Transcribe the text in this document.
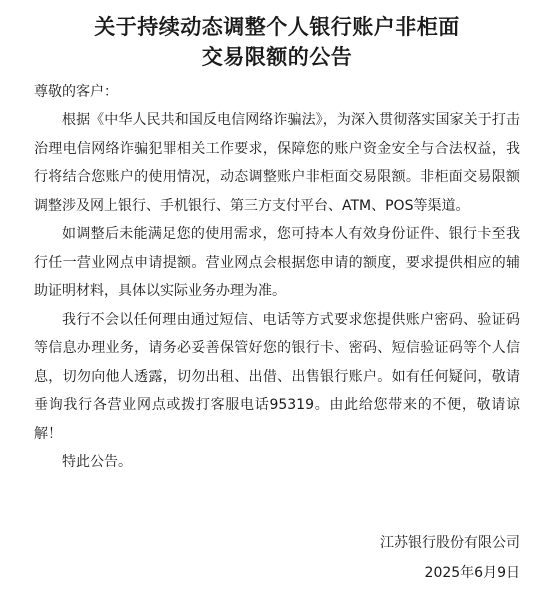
关于持续动态调整个人银行账户非柜面
交易限额的公告

尊敬的客户：

根据《中华人民共和国反电信网络诈骗法》，为深入贯彻落实国家关于打击治理电信网络诈骗犯罪相关工作要求，保障您的账户资金安全与合法权益，我行将结合您账户的使用情况，动态调整账户非柜面交易限额。非柜面交易限额调整涉及网上银行、手机银行、第三方支付平台、ATM、POS等渠道。

如调整后未能满足您的使用需求，您可持本人有效身份证件、银行卡至我行任一营业网点申请提额。营业网点会根据您申请的额度，要求提供相应的辅助证明材料，具体以实际业务办理为准。

我行不会以任何理由通过短信、电话等方式要求您提供账户密码、验证码等信息办理业务，请务必妥善保管好您的银行卡、密码、短信验证码等个人信息，切勿向他人透露，切勿出租、出借、出售银行账户。如有任何疑问，敬请垂询我行各营业网点或拨打客服电话95319。由此给您带来的不便，敬请谅解！

特此公告。

江苏银行股份有限公司
2025年6月9日
